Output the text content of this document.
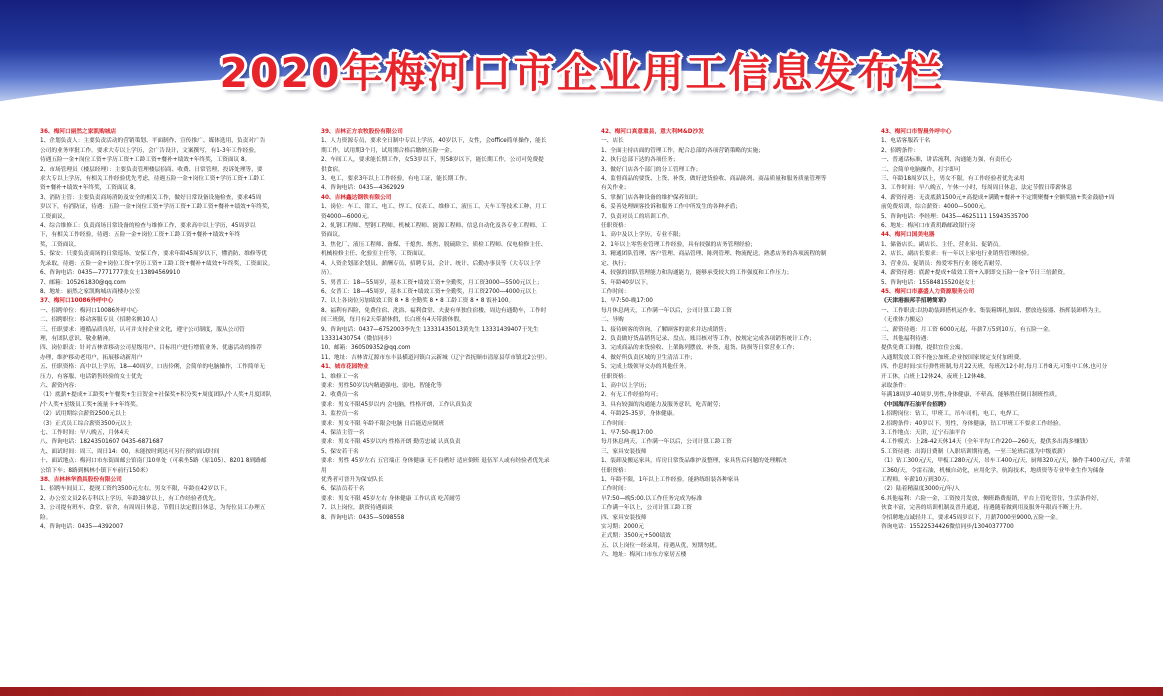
2020年梅河口市企业用工信息发布栏
36、梅河口丽然之家凯购城店
1、企划负责人：主要负责活动的营销策划、平面制作、宣传推广、媒体选用，负责对广告
公司的业务审批工作。要求大专以上学历，会广告设计，文案撰写，有1-3年工作经验，
待遇五险一金+岗位工资+学历工资+工龄工资+餐补+绩效+年终奖，工资面议 8。
2、市场管理员（楼层经理）：主要负责管理楼层招商、收费、日常管理，投诉处理等，要
求大专以上学历，有相关工作经验优先考虑，待遇五险一金+岗位工资+学历工资+工龄工
资+餐补+绩效+年终奖，工资面议 8。
3、消防主管：主要负责商场消防及安全的相关工作，做好日常设备设施检查，要求45周
岁以下，有消防证，待遇：五险一金+岗位工资+学历工资+工龄工资+餐补+绩效+年终奖，
工资面议。
4、综合维修工：负责商场日常设备的检查与维修工作，要求高中以上学历，45周岁以
下，有相关工作经验，待遇：五险一金+岗位工资+工龄工资+餐补+绩效+年终
奖，工资面议。
5、保安：只要负责商场的日常巡场、安保工作，要求年龄45周岁以下，懂消防、维修等优
先录取，待遇：五险一金+岗位工资+学历工资+工龄工资+餐补+绩效+年终奖，工资面议。
6、咨询电话：0435—7771777张女士13894569910
7、邮箱：105261830@qq.com
8、地址：丽然之家凯购城店商楼办公室
37、梅河口10086外呼中心
一、招聘单位：梅河口10086外呼中心
二、招聘职位：移动客服专员（招聘名额10人）
三、任职要求：遵循品质良好，认可并支持企业文化，遵守公司制度，服从公司管
理，有团队意识、敬业精神。
四、岗位职责：针对吉林省移动公司星级用户、目标用户进行增值业务、优惠活动的推荐
办理，维护移动老用户，拓展移动新用户
五、任职资格：高中以上学历，18—40周岁，口齿伶俐，会简单的电脑操作，工作简单无
压力，有客服、电话销售经验的女士优先
六、薪资内容：
（1）底薪+提成+工龄奖+午餐奖+生日贺金+社保奖+积分奖+周度团队/个人奖+月度团队
/个人奖+星级员工奖+流量卡+年终奖。
（2）试用期综合薪资2500元以上
（3）正式员工综合薪资3500元以上
七、工作时间：早八晚五，月休4天
八、咨询电话：18243501607 0435-6871687
九、面试时间：周三、周日14：00，未能按时到达可另行预约面试时间
十、面试地点：梅河口市东街面邮公馆南门10单处（可乘坐5路（原105）、8201 8到路邮
公馆下车；8路到枫林小镇下车前行150米）
38、吉林林华渔具股份有限公司
1、招聘车间员工，提现工资约3500元左右，男女不限，年龄在42岁以下。
2、办公室文员2名专科以上学历，年龄38岁以上，有工作经验者优先。
3、公司提有班车、食堂、宿舍，有周周日休息，节假日法定假日休息，为每位员工办理五
险。
4、咨询电话：0435—4392007
39、吉林正方农牧股份有限公司
1、人力资源专员，要求全日制中专以上学历，40岁以下，女性，会office简单操作，能长
期工作，试用期3个月，试用期合格后缴纳五险一金。
2、车间工人，要求能长期工作，女53岁以下，男58岁以下，能长期工作，公司可免费提
供食宿。
3、电工，要求3年以上工作经验，有电工证，能长期工作。
4、咨询电话：0435—4362929
40、吉林鑫达钢铁有限公司
1、岗位：车工、钳工、电工、焊工、仪表工、维修工、液压工、天车工等技术工种，月工
资4000—6000元。
2、轧钢工程师、型钢工程师、机械工程师、能源工程师、信息自动化及各专业工程师、工
资面议。
3、焦化厂、液压工程师、备煤、干熄焦、炼焦、脱硫除尘、质检工程师、仪电检修主任、
机械检修主任、化验室主任等，工资面议。
4、人资企划部企划员、薪酬专员、招聘专员、会计、统计、后勤办事员等（大专以上学
历）。
5、男普工：18—55周岁，基本工资+绩效工资+全勤奖，月工资3000—5500元以上；
6、女普工：18—45周岁，基本工资+绩效工资+全勤奖，月工资2700—4000元以上
7、以上各岗位另加绩效工资 8 • 8 全勤奖 8 • 8 工龄工资 8 • 8 饭补100。
8、福利有四险，免费住宿、洗浴、福利食堂、夫妻有单独住宿楼，周边有通勤车，工作时
间三班倒，每月有2天带薪休假，长白班有4天带薪休假。
9、咨询电话：0437—6752003李先生 13331435013黄先生 13331439407于先生
13331430754（微信同步）
10、邮箱：360509352@qq.com
11、地址：吉林省辽源市东丰县横道河镇白云新城（辽宁省抚顺市清原县草市镇北2公里）。
41、城市花园物业
1、维修工一名
要求：男性50岁以内精通强电、弱电、智能化等
2、收费员一名
要求：男女不限45岁以内 会电脑，性格开朗，工作认真负责
3、监控员一名
要求：男女不限 年龄不限会电脑 日后能适应倒班
4、保洁主管一名
要求：男女不限 45岁以内 性格开朗 勤劳忠诚 认真负责
5、保安若干名
要求：男性 45岁左右 五官端正 身体健康 无不良嗜好 适应倒班 退伍军人或有经验者优先录
用
优秀者可晋升为保安队长
6、保洁员若干名
要求：男女不限 45岁左右 身体健康 工作认真 吃苦耐劳
7、以上岗位，薪资待遇面谈
8、咨询电话：0435—5098558
42、梅河口真意重县，意大利M&D沙发
一、店长
1、全面主持店面的管理工作，配合总部的各项营销策略的实施；
2、执行总部下达的各项任务；
3、做好门店各个部门的分工管理工作；
4、监督商品的要货、上货、补货，做好进货验收、商品陈列、商品质量和服务质量管理等
有关作业；
5、掌握门店各种设备的维护保养知识；
6、妥善处理顾客投诉和服务工作中所发生的各种矛盾；
7、负责对员工的培训工作。
任职资格：
1、高中及以上学历，专业不限；
2、1年以上零售业管理工作经验，具有较强的店务管理经验；
3、精通团队管理、客户管理、商品管理、陈列管理、物流配送，熟悉店务的各项流程的制
定、执行；
4、较强的团队管理能力和沟通能力，能够承受较大的工作强度和工作压力；
5、年龄40岁以下。
工作时间：
1、早7:50-晚17:00
每月休息两天，工作满一年以后，公司计算工龄工资
二、导购
1、接待顾客的咨询，了解顾客的需求并达成销售；
2、负责做好货品销售记录、盘点、账目核对等工作，按规定完成各项销售统计工作；
3、完成商品的来货验收、上架陈列摆放、补货、退货、防损等日常营业工作；
4、做好所负责区域的卫生清洁工作；
5、完成上级领导交办的其他任务。
任职资格：
1、高中以上学历；
2、有无工作经验均可；
3、具有较强的沟通能力及服务意识，吃苦耐劳；
4、年龄25-35岁，身体健康。
工作时间：
1、早7:50-晚17:00
每月休息两天，工作满一年以后，公司计算工龄工资
三、家具安装技师
1、装卸及搬运家具，库房日常货品维护及整理，家具售后问题的处理解决
任职资格：
1、年龄不限，1年以上工作经验，能熟练组装各种家具
工作时间：
早7:50—晚5:00.以工作任务完成为标准
工作满一年以上，公司计算工龄工资
四、家具安装技师
实习期：2000元
正式期：3500元+500绩效
五、以上岗位一经录用，待遇从优，短期勿扰。
六、地址：梅河口市东方家居五楼
43、梅河口市智晨外呼中心
1、电话客服若干名
2、招聘条件：
一、普通话标准，讲话流利，沟通能力强，有责任心
二、会简单电脑操作，打字即可
三、年龄18周岁以上，男女不限，有工作经验者优先录用
3、工作时间：早八晚五，午休一小时，每周周日休息，法定节假日带薪休息
4、薪资待遇：无责底薪1500元+高提成+满勤+餐补+不定期聚餐+全额奖励+奖金鼓励+周
前免费培训，综合薪资：4000—5000元。
5、咨询电话：李经理：0435—4625111 15943535700
6、地址：梅河口市黄玥路邮政银行旁
44、梅河口国美电器
1、储备店长、副店长、主任、营业员、促销员。
2、店长、副店长要求：有一年以上家电行业销售管理经验。
3、营业员、促销员：热爱零售行业 能吃苦耐劳。
4、薪资待遇：底薪+提成+绩效工资+入职即交五险一金+节日三倍薪资。
5、咨询电话：15584815520赵女士
45、梅河口市嘉盛人力资源服务公司
《天津港振邦手招聘简章》
一、工作职责:以协助装卸搭机运作业、集装箱绑扎加固、摆放连接器、指挥装卸桥为主。
（无重体力搬运）
二、薪资待遇：月工资 6000元起，年薪7万5到10万，有五险一金。
三、其他福利待遇：
提供免费工间餐，提供宜住公寓。
入通期发放工资不拖公加班,企业按国家规定支付加班费。
四、作息时间:实行弹性班制,每月22天班，每班次12小时,每月工作8天,可集中工休,也可分
开工休，白班上12休24，夜班上12休48。
录取条件：
年满18周岁-40周岁,男性,身体健康，不晕高，能够胜任倒日制班性质。
《中国海洋石油平台招聘》
1.招聘岗位：钻工，甲班工，吊车司机，电工，电焊工。
2.招聘条件：40岁以下，男性，身体健康，钻工甲班工不要求工作经验。
3.工作地点：天津，辽宁石油平台
4.工作模式：上28-42天休14天（全年平均工作220—260天，提供多出海多赚钱）
5.工资待遇：出海日费制（入职培训期待遇，一至三轮班后涨为中级底薪）
（1）钻工300元/天，甲板工280元/天，吊车工400元/天，厨师320元/天，操作手400元/天，井架
工360/天，令雷石油，机械自动化，应用化学，航海技术，地质资等专业毕业生作为储备
工程师，年薪10万到30万。
（2）陆着精温度3000元/年/人
6.其他福利：六险一金，工资按月发放，侧班路费报销，平台上管吃管住，生活条件好，
伙食丰富，完善的培训机制及晋升通道，待遇随着做到用及服务年限而不断上升。
令招聘地点诚轻井工，要求45周岁以下，月薪7000至9000,五险一金。
咨询电话：15522534426微信同步/13040377700
